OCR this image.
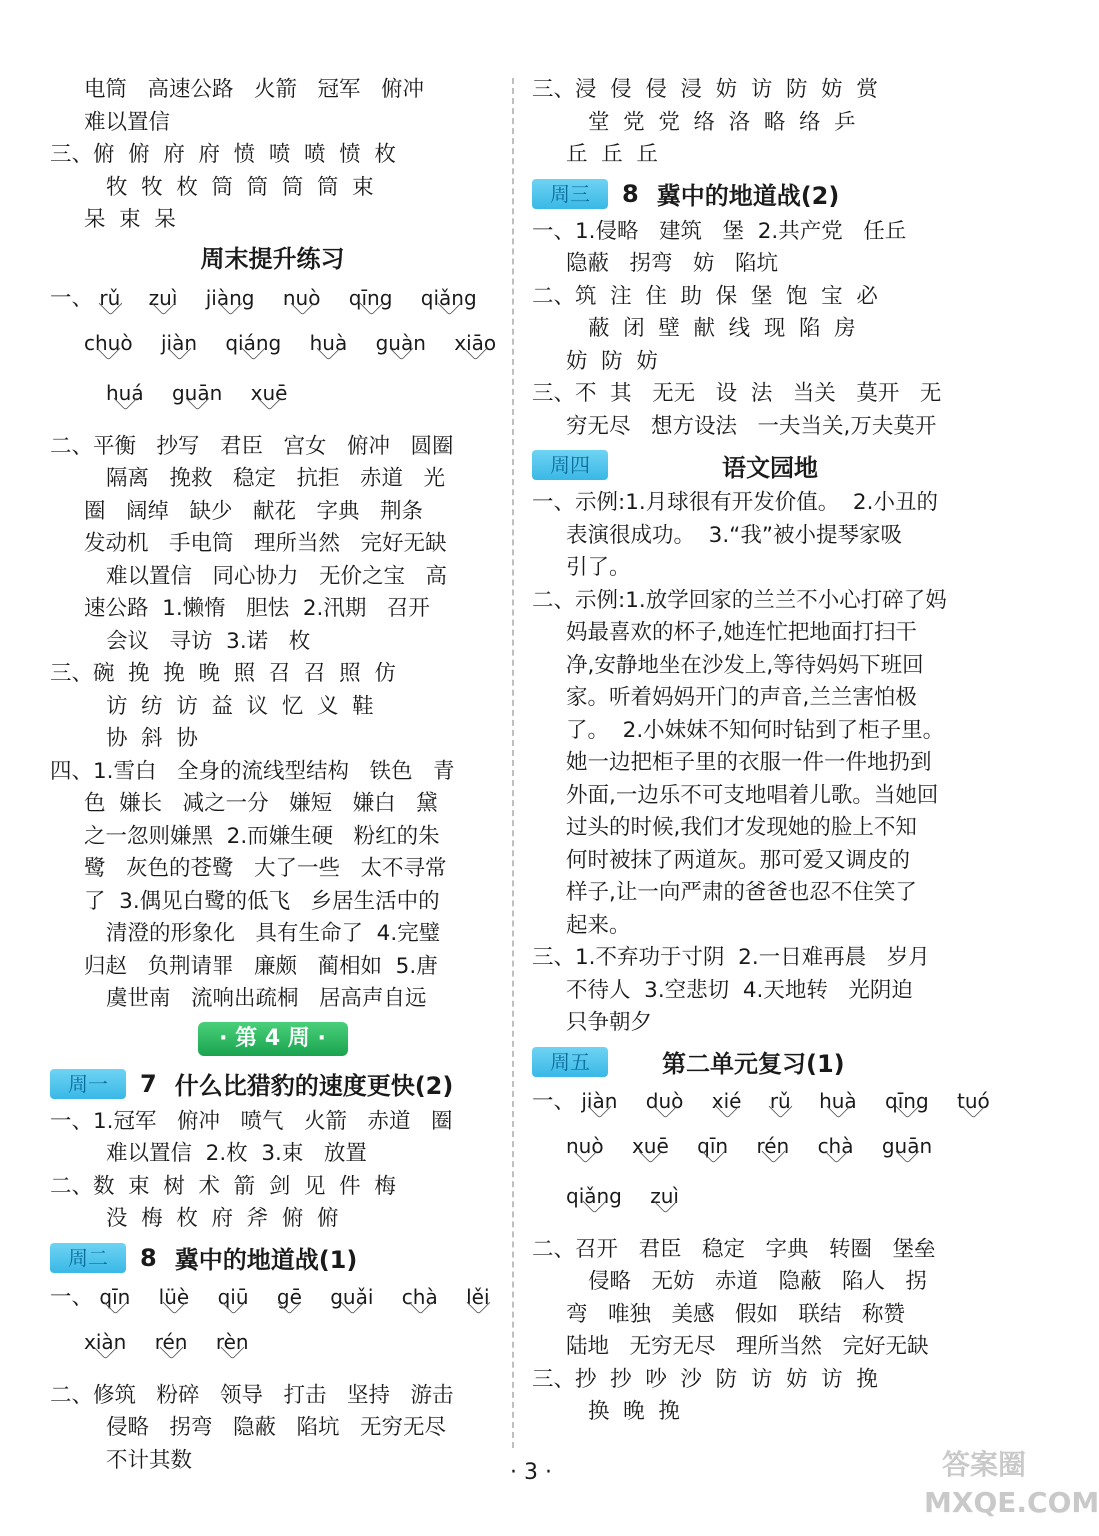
电筒   高速公路   火箭   冠军   俯冲
难以置信
三、俯  俯  府  府  愤  喷  喷  愤  枚
牧  牧  枚  筒  筒  筒  筒  束
呆  束  呆
周末提升练习
一、 rǔ zuì jiàng nuò qīng qiǎng
chuò jiàn qiáng huà guàn xiāo
huá guān xuē
二、平衡   抄写   君臣   宫女   俯冲   圆圈
隔离   挽救   稳定   抗拒   赤道   光
圈   阔绰   缺少   献花   字典   荆条
发动机   手电筒   理所当然   完好无缺
难以置信   同心协力   无价之宝   高
速公路  1.懒惰   胆怯  2.汛期   召开
会议   寻访  3.诺   枚
三、碗  挽  挽  晚  照  召  召  照  仿
访  纺  访  益  议  忆  义  鞋
协  斜  协
四、1.雪白   全身的流线型结构   铁色   青
色  嫌长   减之一分   嫌短   嫌白   黛
之一忽则嫌黑  2.而嫌生硬   粉红的朱
鹭   灰色的苍鹭   大了一些   太不寻常
了  3.偶见白鹭的低飞   乡居生活中的
清澄的形象化   具有生命了  4.完璧
归赵   负荆请罪   廉颇   蔺相如  5.唐
虞世南   流响出疏桐   居高声自远
· 第 4 周 ·
周一	7 什么比猎豹的速度更快(2)
一、1.冠军   俯冲   喷气   火箭   赤道   圈
难以置信  2.枚  3.束   放置
二、数  束  树  术  箭  剑  见  件  梅
没  梅  枚  府  斧  俯  俯
周二	8 冀中的地道战(1)
一、 qīn lüè qiū gē guǎi chà lěi
xiàn rén rèn
二、修筑   粉碎   领导   打击   坚持   游击
侵略   拐弯   隐蔽   陷坑   无穷无尽
不计其数
三、浸  侵  侵  浸  妨  访  防  妨  赏
堂  党  党  络  洛  略  络  乒
丘  丘  丘
周三	8 冀中的地道战(2)
一、1.侵略   建筑   堡  2.共产党   任丘
隐蔽   拐弯   妨   陷坑
二、筑  注  住  助  保  堡  饱  宝  必
蔽  闭  壁  献  线  现  陷  房
妨  防  妨
三、不  其   无无   设  法   当关   莫开   无
穷无尽   想方设法   一夫当关,万夫莫开
周四	语文园地
一、示例:1.月球很有开发价值。  2.小丑的
表演很成功。  3.“我”被小提琴家吸
引了。
二、示例:1.放学回家的兰兰不小心打碎了妈
妈最喜欢的杯子,她连忙把地面打扫干
净,安静地坐在沙发上,等待妈妈下班回
家。听着妈妈开门的声音,兰兰害怕极
了。  2.小妹妹不知何时钻到了柜子里。
她一边把柜子里的衣服一件一件地扔到
外面,一边乐不可支地唱着儿歌。当她回
过头的时候,我们才发现她的脸上不知
何时被抹了两道灰。那可爱又调皮的
样子,让一向严肃的爸爸也忍不住笑了
起来。
三、1.不弃功于寸阴  2.一日难再晨   岁月
不待人  3.空悲切  4.天地转   光阴迫
只争朝夕
周五	第二单元复习(1)
一、 jiàn duò xié rǔ huà qīng tuó
nuò xuē qīn rén chà guān
qiǎng zuì
二、召开   君臣   稳定   字典   转圈   堡垒
侵略   无妨   赤道   隐蔽   陷人   拐
弯   唯独   美感   假如   联结   称赞
陆地   无穷无尽   理所当然   完好无缺
三、抄  抄  吵  沙  防  访  妨  访  挽
换  晚  挽
· 3 ·	答案圈 MXQE.COM
